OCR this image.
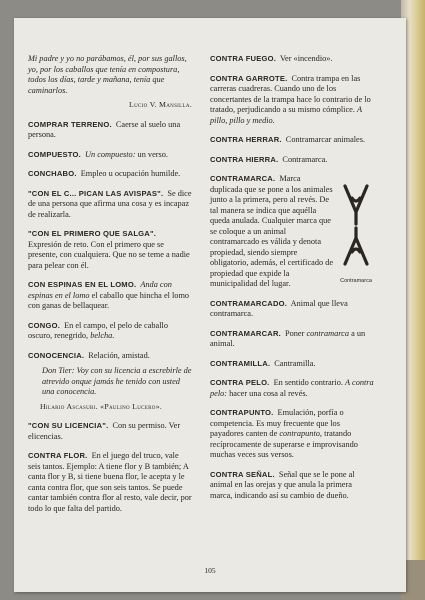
Mi padre y yo no parábamos, él, por sus gallos, yo, por los caballos que tenía en compostura, todos los días, tarde y mañana, tenía que caminarlos.

Lucio V. Mansilla.

COMPRAR TERRENO. Caerse al suelo una persona.

COMPUESTO. Un compuesto: un verso.

CONCHABO. Empleo u ocupación humilde.

"CON EL C... PICAN LAS AVISPAS". Se dice de una persona que afirma una cosa y es incapaz de realizarla.

"CON EL PRIMERO QUE SALGA". Expresión de reto. Con el primero que se presente, con cualquiera. Que no se teme a nadie para pelear con él.

CON ESPINAS EN EL LOMO. Anda con espinas en el lomo el caballo que hincha el lomo con ganas de bellaquear.

CONGO. En el campo, el pelo de caballo oscuro, renegrido, belcha.

CONOCENCIA. Relación, amistad.

Don Tier: Voy con su licencia a escrebirle de atrevido onque jamás he tenido con usted una conocencia.

Hilario Ascasubi. «Paulino Lucero».

"CON SU LICENCIA". Con su permiso. Ver elicencias.

CONTRA FLOR. En el juego del truco, vale seis tantos. Ejemplo: A tiene flor y B también; A canta flor y B, si tiene buena flor, le acepta y le canta contra flor, que son seis tantos. Se puede cantar también contra flor al resto, vale decir, por todo lo que falta del partido.

CONTRA FUEGO. Ver «incendio».

CONTRA GARROTE. Contra trampa en las carreras cuadreras. Cuando uno de los concertantes de la trampa hace lo contrario de lo tratado, perjudicando a su mismo cómplice. A pillo, pillo y medio.

CONTRA HERRAR. Contramarcar animales.

CONTRA HIERRA. Contramarca.

CONTRAMARCA. Marca duplicada que se pone a los animales junto a la primera, pero al revés. De tal manera se indica que aquélla queda anulada. Cualquier marca que se coloque a un animal contramarcado es válida y denota propiedad, siendo siempre obligatorio, además, el certificado de propiedad que expide la municipalidad del lugar.	Contramarca

CONTRAMARCADO. Animal que lleva contramarca.

CONTRAMARCAR. Poner contramarca a un animal.

CONTRAMILLA. Cantramilla.

CONTRA PELO. En sentido contrario. A contra pelo: hacer una cosa al revés.

CONTRAPUNTO. Emulación, porfía o competencia. Es muy frecuente que los payadores canten de contrapunto, tratando recíprocamente de superarse e improvisando muchas veces sus versos.

CONTRA SEÑAL. Señal que se le pone al animal en las orejas y que anula la primera marca, indicando así su cambio de dueño.

105
